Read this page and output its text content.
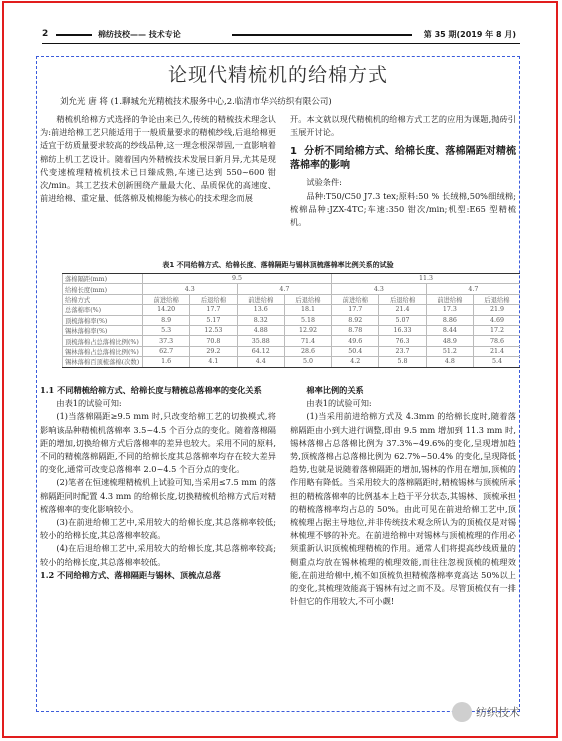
2	棉纺技校—— 技术专论	第 35 期(2019 年 8 月)
论现代精梳机的给棉方式
刘允光 唐 将 (1.聊城允光精梳技术服务中心,2.临清市华兴纺织有限公司)

精梳机给棉方式选择的争论由来已久,传统的精梳技术理念认为:前进给棉工艺只能适用于一般质量要求的精梳纱线,后退给棉更适宜于纺质量要求较高的纱线品种,这一理念根深蒂固,一直影响着棉纺上机工艺设计。随着国内外精梳技术发展日新月异,尤其是现代变速梳理精梳机技术已日臻成熟,车速已达到 550~600 钳次/min。其工艺技术创新围绕产量最大化、品质保优的高速度、前进给棉、重定量、低落棉及梳棉能为核心的技术理念而展

开。本文就以现代精梳机的给棉方式工艺的应用为课题,抛砖引玉展开讨论。

1 分析不同给棉方式、给棉长度、落棉隔距对精梳落棉率的影响

试验条件:

品种:T50/C50 J7.3 tex;原料:50 % 长绒棉,50%细绒棉;梳棉品种:JZX-4TC;车速:350 钳次/min;机型:E65 型精梳机。

表1 不同给棉方式、给棉长度、落棉隔距与锡林顶梳落棉率比例关系的试验
落棉隔距(mm)	9.5				11.3			
给棉长度(mm)	4.3		4.7		4.3		4.7	
给棉方式	前进给棉	后退给棉	前进给棉	后退给棉	前进给棉	后退给棉	前进给棉	后退给棉
总落棉率(%)	14.20	17.7	13.6	18.1	17.7	21.4	17.3	21.9
顶梳落棉率(%)	8.9	5.17	8.32	5.18	8.92	5.07	8.86	4.69
锡林落棉率(%)	5.3	12.53	4.88	12.92	8.78	16.33	8.44	17.2
顶梳落棉占总落棉比例(%)	37.3	70.8	35.88	71.4	49.6	76.3	48.9	78.6
锡林落棉占总落棉比例(%)	62.7	29.2	64.12	28.6	50.4	23.7	51.2	21.4
锡林落棉百顶梳落棉(次数)	1.6	4.1	4.4	5.0	4.2	5.8	4.8	5.4

1.1 不同精梳给棉方式、给棉长度与精梳总落棉率的变化关系

由表1的试验可知:

(1)当落棉隔距≥9.5 mm 时,只改变给棉工艺的切换模式,将影响该品种精梳机落棉率 3.5~4.5 个百分点的变化。随着落棉隔距的增加,切换给棉方式后落棉率的差异也较大。采用不同的原料,不同的精梳落棉隔距,不同的给棉长度其总落棉率均存在较大差异的变化,通常可改变总落棉率 2.0~4.5 个百分点的变化。

(2)笔者在恒速梳理精梳机上试验可知,当采用≤7.5 mm 的落棉隔距同时配置 4.3 mm 的给棉长度,切换精梳机给棉方式后对精梳落棉率的变化影响较小。

(3)在前进给棉工艺中,采用较大的给棉长度,其总落棉率较低;较小的给棉长度,其总落棉率较高。

(4)在后退给棉工艺中,采用较大的给棉长度,其总落棉率较高;较小的给棉长度,其总落棉率较低。

1.2 不同给棉方式、落棉隔距与锡林、顶梳点总落

棉率比例的关系

由表1的试验可知:

(1)当采用前进给棉方式及 4.3mm 的给棉长度时,随着落棉隔距由小到大进行调整,即由 9.5 mm 增加到 11.3 mm 时,锡林落棉占总落棉比例为 37.3%~49.6%的变化,呈现增加趋势,顶梳落棉占总落棉比例为 62.7%~50.4% 的变化,呈现降低趋势,也就是说随着落棉隔距的增加,锡林的作用在增加,顶梳的作用略有降低。当采用较大的落棉隔距时,精梳锡林与顶梳所承担的精梳落棉率的比例基本上趋于平分状态,其锡林、顶梳承担的精梳落棉率均占总的 50%。由此可见在前进给棉工艺中,顶梳梳理占据主导地位,并非传统技术观念所认为的顶梳仅是对锡林梳理不够的补充。在前进给棉中对锡林与顶梳梳理的作用必须重新认识顶梳梳理精梳的作用。通常人们将提高纱线质量的侧重点均放在锡林梳理的梳理效能,而往往忽视顶梳的梳理效能,在前进给棉中,梳不如顶梳负担精梳落棉率竟高达 50%以上的变化,其梳理效能高于锡林有过之而不及。尽管顶梳仅有一排针但它的作用较大,不可小觑!

纺织技术
